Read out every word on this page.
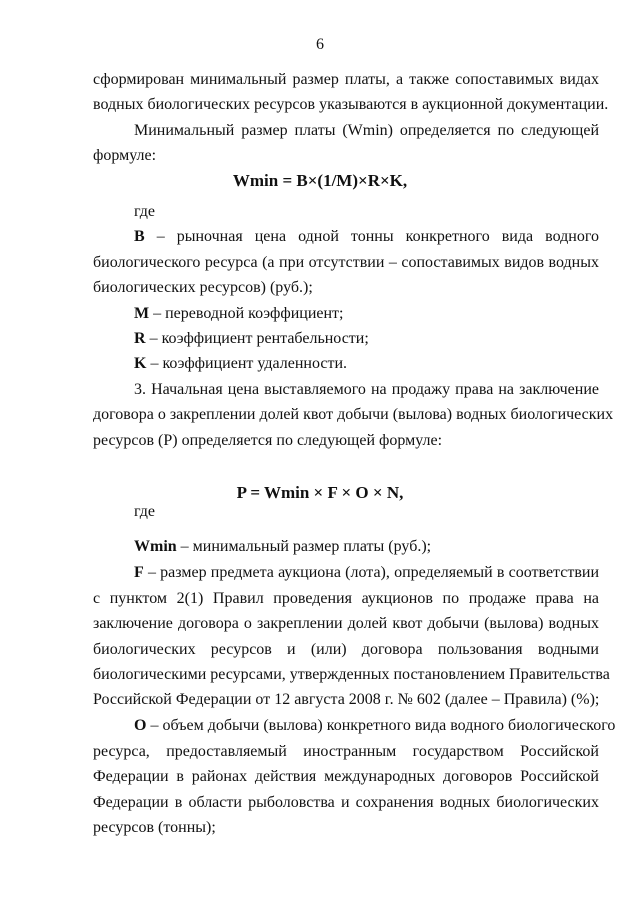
6
сформирован минимальный размер платы, а также сопоставимых видах
водных биологических ресурсов указываются в аукционной документации.
Минимальный размер платы (Wmin) определяется по следующей
формуле:
Wmin = B×(1/M)×R×K,
где
B – рыночная цена одной тонны конкретного вида водного
биологического ресурса (а при отсутствии – сопоставимых видов водных
биологических ресурсов) (руб.);
M – переводной коэффициент;
R – коэффициент рентабельности;
K – коэффициент удаленности.
3. Начальная цена выставляемого на продажу права на заключение
договора о закреплении долей квот добычи (вылова) водных биологических
ресурсов (P) определяется по следующей формуле:
P = Wmin × F × O × N,
где
Wmin – минимальный размер платы (руб.);
F – размер предмета аукциона (лота), определяемый в соответствии
с пунктом 2(1) Правил проведения аукционов по продаже права на
заключение договора о закреплении долей квот добычи (вылова) водных
биологических ресурсов и (или) договора пользования водными
биологическими ресурсами, утвержденных постановлением Правительства
Российской Федерации от 12 августа 2008 г. № 602 (далее – Правила) (%);
O – объем добычи (вылова) конкретного вида водного биологического
ресурса, предоставляемый иностранным государством Российской
Федерации в районах действия международных договоров Российской
Федерации в области рыболовства и сохранения водных биологических
ресурсов (тонны);
